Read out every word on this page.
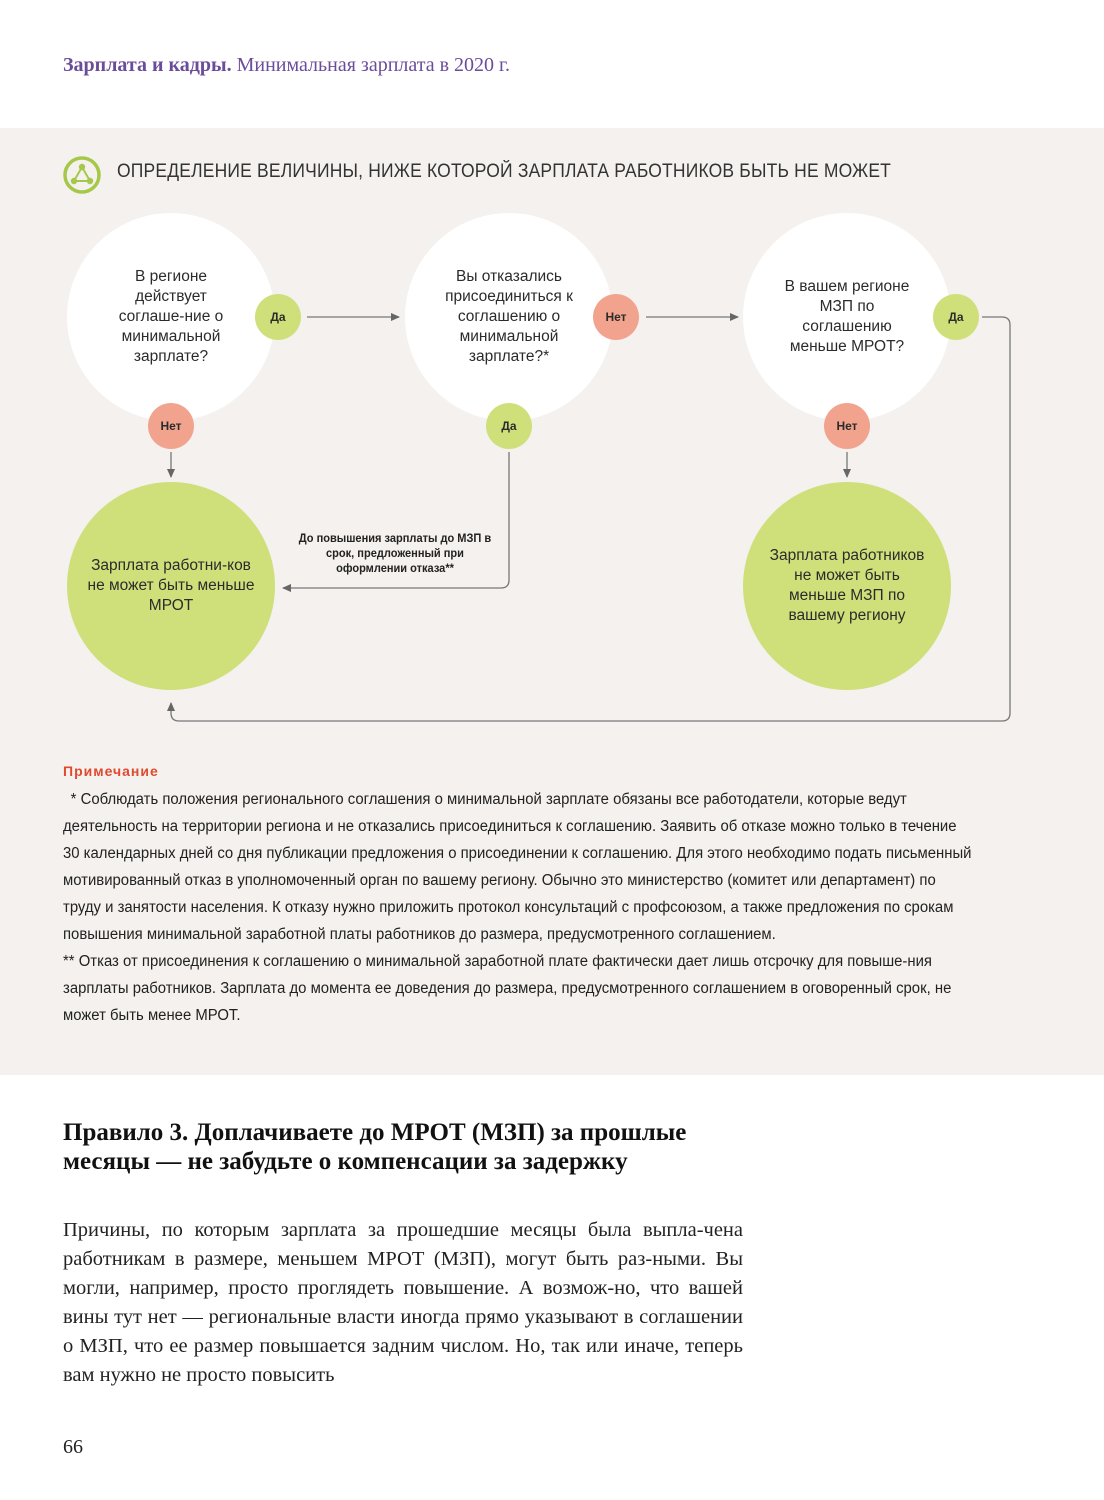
Зарплата и кадры. Минимальная зарплата в 2020 г.
ОПРЕДЕЛЕНИЕ ВЕЛИЧИНЫ, НИЖЕ КОТОРОЙ ЗАРПЛАТА РАБОТНИКОВ БЫТЬ НЕ МОЖЕТ
В регионе действует соглаше-ние о минимальной зарплате?
Вы отказались присоединиться к соглашению о минимальной зарплате?*
В вашем регионе МЗП по соглашению меньше МРОТ?
Зарплата работни-ков не может быть меньше МРОТ
Зарплата работников не может быть меньше МЗП по вашему региону
Да
Нет
Нет
Да
Да
Нет
До повышения зарплаты до МЗП в срок, предложенный при оформлении отказа**
Примечание

* Соблюдать положения регионального соглашения о минимальной зарплате обязаны все работодатели, которые ведут деятельность на территории региона и не отказались присоединиться к соглашению. Заявить об отказе можно только в течение 30 календарных дней со дня публикации предложения о присоединении к соглашению. Для этого необходимо подать письменный мотивированный отказ в уполномоченный орган по вашему региону. Обычно это министерство (комитет или департамент) по труду и занятости населения. К отказу нужно приложить протокол консультаций с профсоюзом, а также предложения по срокам повышения минимальной заработной платы работников до размера, предусмотренного соглашением.

** Отказ от присоединения к соглашению о минимальной заработной плате фактически дает лишь отсрочку для повыше-ния зарплаты работников. Зарплата до момента ее доведения до размера, предусмотренного соглашением в оговоренный срок, не может быть менее МРОТ.

Правило 3. Доплачиваете до МРОТ (МЗП) за прошлые месяцы — не забудьте о компенсации за задержку
Причины, по которым зарплата за прошедшие месяцы была выпла-чена работникам в размере, меньшем МРОТ (МЗП), могут быть раз-ными. Вы могли, например, просто проглядеть повышение. А возмож-но, что вашей вины тут нет — региональные власти иногда прямо указывают в соглашении о МЗП, что ее размер повышается задним числом. Но, так или иначе, теперь вам нужно не просто повысить
66
